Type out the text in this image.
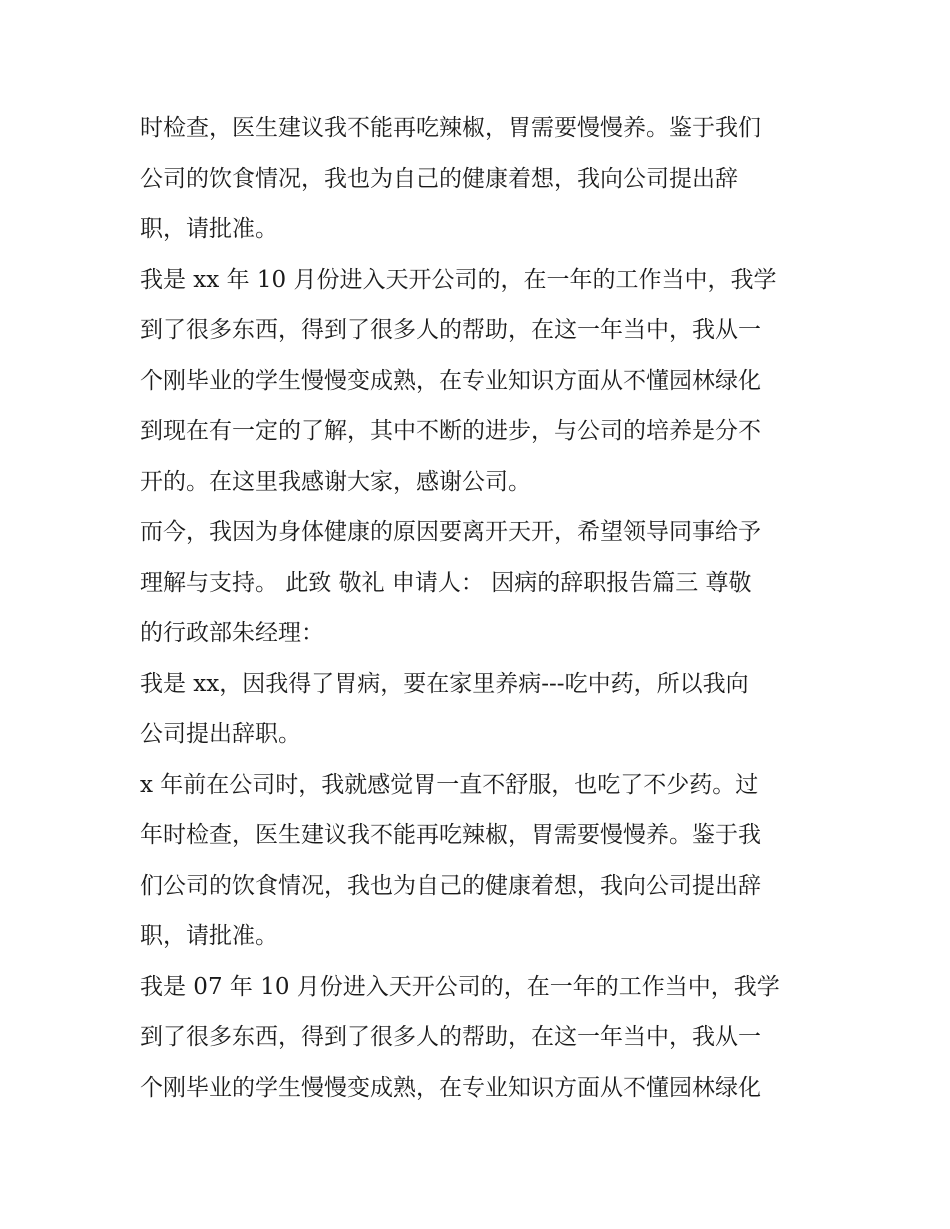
时检查，医生建议我不能再吃辣椒，胃需要慢慢养。鉴于我们
公司的饮食情况，我也为自己的健康着想，我向公司提出辞
职，请批准。
我是 xx 年 10 月份进入天开公司的，在一年的工作当中，我学
到了很多东西，得到了很多人的帮助，在这一年当中，我从一
个刚毕业的学生慢慢变成熟，在专业知识方面从不懂园林绿化
到现在有一定的了解，其中不断的进步，与公司的培养是分不
开的。在这里我感谢大家，感谢公司。
而今，我因为身体健康的原因要离开天开，希望领导同事给予
理解与支持。 此致 敬礼 申请人： 因病的辞职报告篇三 尊敬
的行政部朱经理：
我是 xx，因我得了胃病，要在家里养病---吃中药，所以我向
公司提出辞职。
x 年前在公司时，我就感觉胃一直不舒服，也吃了不少药。过
年时检查，医生建议我不能再吃辣椒，胃需要慢慢养。鉴于我
们公司的饮食情况，我也为自己的健康着想，我向公司提出辞
职，请批准。
我是 07 年 10 月份进入天开公司的，在一年的工作当中，我学
到了很多东西，得到了很多人的帮助，在这一年当中，我从一
个刚毕业的学生慢慢变成熟，在专业知识方面从不懂园林绿化
